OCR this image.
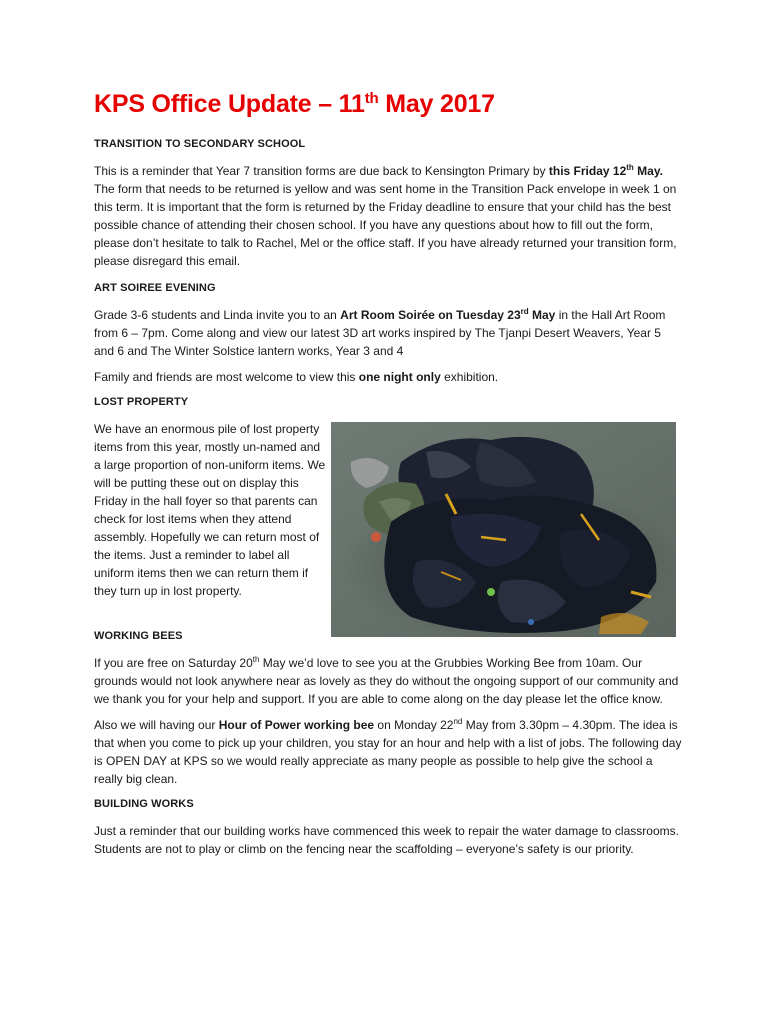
KPS Office Update – 11th May 2017
TRANSITION TO SECONDARY SCHOOL

This is a reminder that Year 7 transition forms are due back to Kensington Primary by this Friday 12th May. The form that needs to be returned is yellow and was sent home in the Transition Pack envelope in week 1 on this term. It is important that the form is returned by the Friday deadline to ensure that your child has the best possible chance of attending their chosen school. If you have any questions about how to fill out the form, please don’t hesitate to talk to Rachel, Mel or the office staff. If you have already returned your transition form, please disregard this email.

ART SOIREE EVENING

Grade 3-6 students and Linda invite you to an Art Room Soirée on Tuesday 23rd May in the Hall Art Room from 6 – 7pm. Come along and view our latest 3D art works inspired by The Tjanpi Desert Weavers, Year 5 and 6 and The Winter Solstice lantern works, Year 3 and 4

Family and friends are most welcome to view this one night only exhibition.

LOST PROPERTY

We have an enormous pile of lost property items from this year, mostly un-named and a large proportion of non-uniform items. We will be putting these out on display this Friday in the hall foyer so that parents can check for lost items when they attend assembly. Hopefully we can return most of the items. Just a reminder to label all uniform items then we can return them if they turn up in lost property.

WORKING BEES

If you are free on Saturday 20th May we’d love to see you at the Grubbies Working Bee from 10am. Our grounds would not look anywhere near as lovely as they do without the ongoing support of our community and we thank you for your help and support. If you are able to come along on the day please let the office know.

Also we will having our Hour of Power working bee on Monday 22nd May from 3.30pm – 4.30pm. The idea is that when you come to pick up your children, you stay for an hour and help with a list of jobs. The following day is OPEN DAY at KPS so we would really appreciate as many people as possible to help give the school a really big clean.

BUILDING WORKS

Just a reminder that our building works have commenced this week to repair the water damage to classrooms. Students are not to play or climb on the fencing near the scaffolding – everyone’s safety is our priority.
